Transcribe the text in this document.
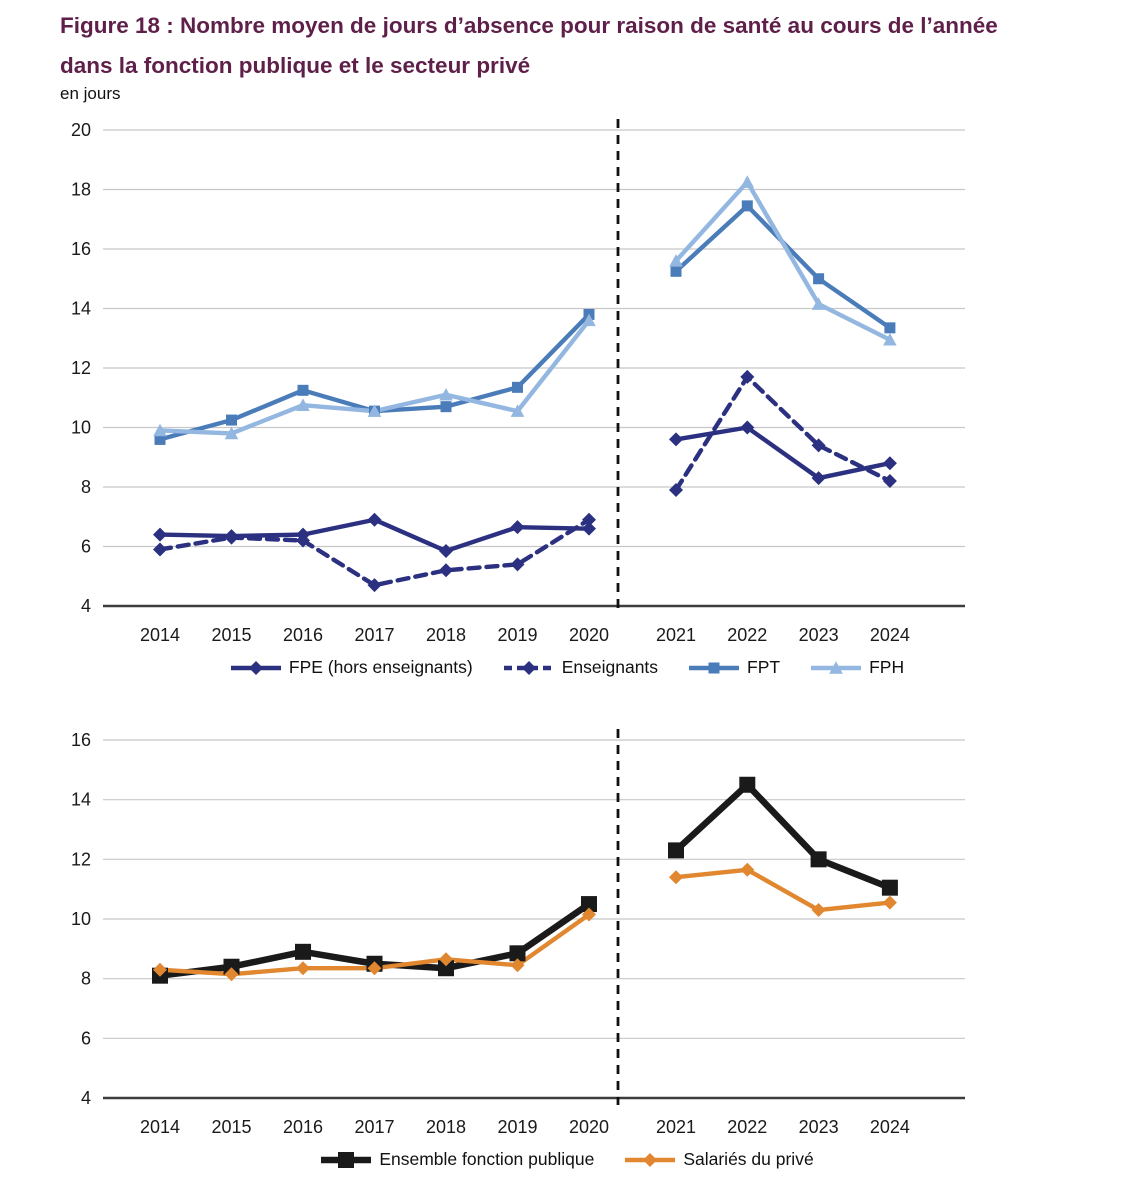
Figure 18 : Nombre moyen de jours d’absence pour raison de santé au cours de l’année
dans la fonction publique et le secteur privé
en jours
4
6
8
10
12
14
16
18
20
2014 2015 2016 2017 2018 2019 2020	2021 2022 2023 2024
4
6
8
10
12
14
16
2014 2015 2016 2017 2018 2019 2020	2021 2022 2023 2024
FPE (hors enseignants)	Enseignants	FPT	FPH
Ensemble fonction publique	Salariés du privé
